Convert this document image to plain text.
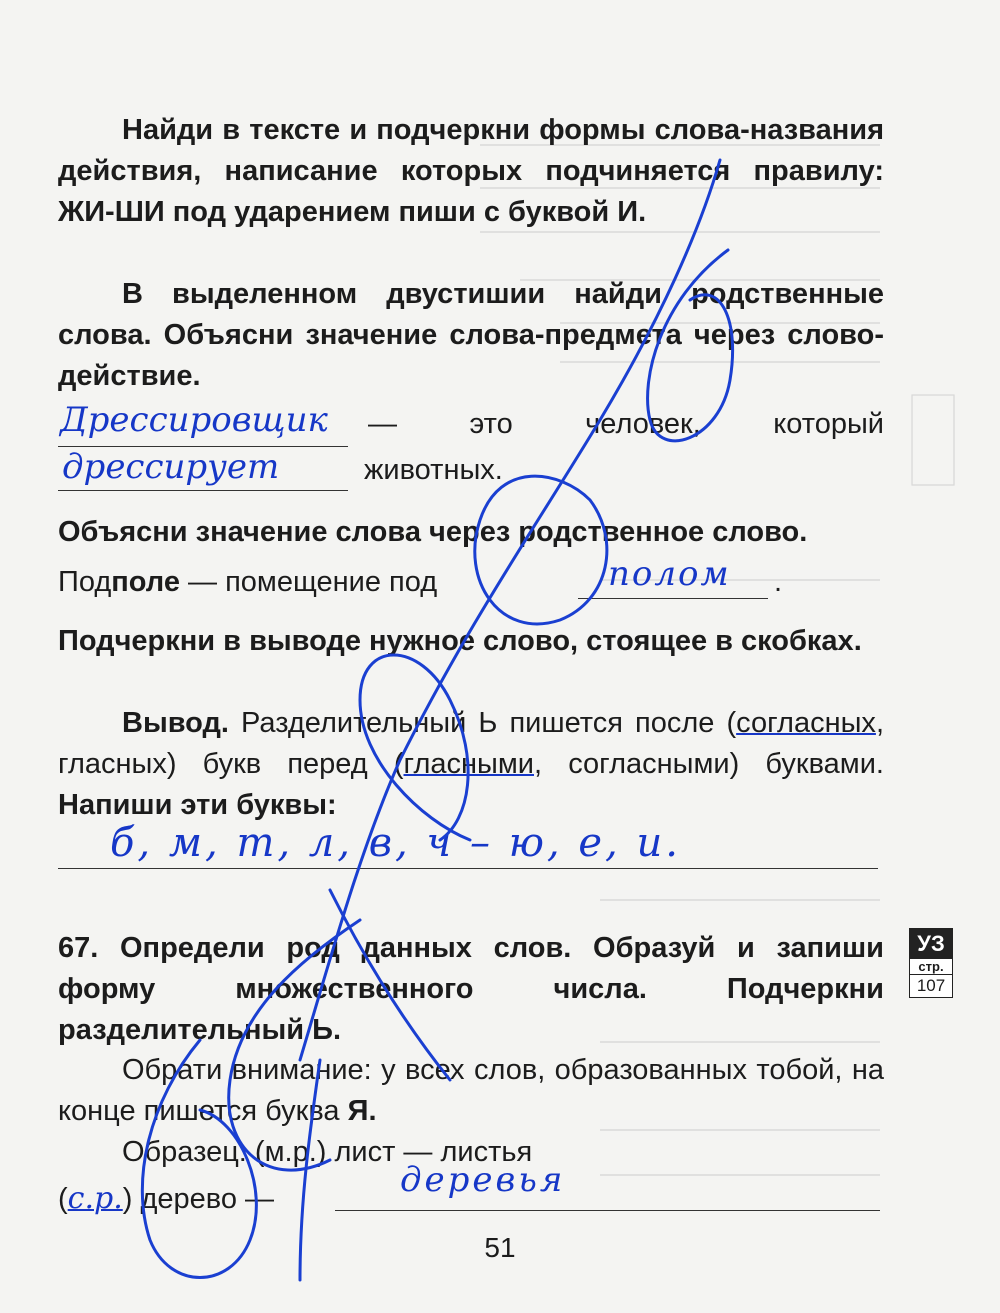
Найди в тексте и подчеркни формы слова-названия действия, написание которых подчиняется правилу: ЖИ-ШИ под ударением пиши с буквой И.
В выделенном двустишии найди родственные слова. Объясни значение слова-предмета через слово-действие.
Дрессировщик — это человек, который
дрессирует	животных.
Объясни значение слова через родственное слово.
Подполе — помещение под	полом .
Подчеркни в выводе нужное слово, стоящее в скобках.
Вывод. Разделительный Ь пишется после (согласных, гласных) букв перед (гласными, согласными) буквами. Напиши эти буквы:
б, м, т, л, в, ч – ю, е, и.
67. Определи род данных слов. Образуй и запиши форму множественного числа. Подчеркни разделительный Ь.
Обрати внимание: у всех слов, образованных тобой, на конце пишется буква Я.
Образец: (м.р.) лист — листья
(с.р.) дерево —	деревья
УЗ
стр.
107
51
